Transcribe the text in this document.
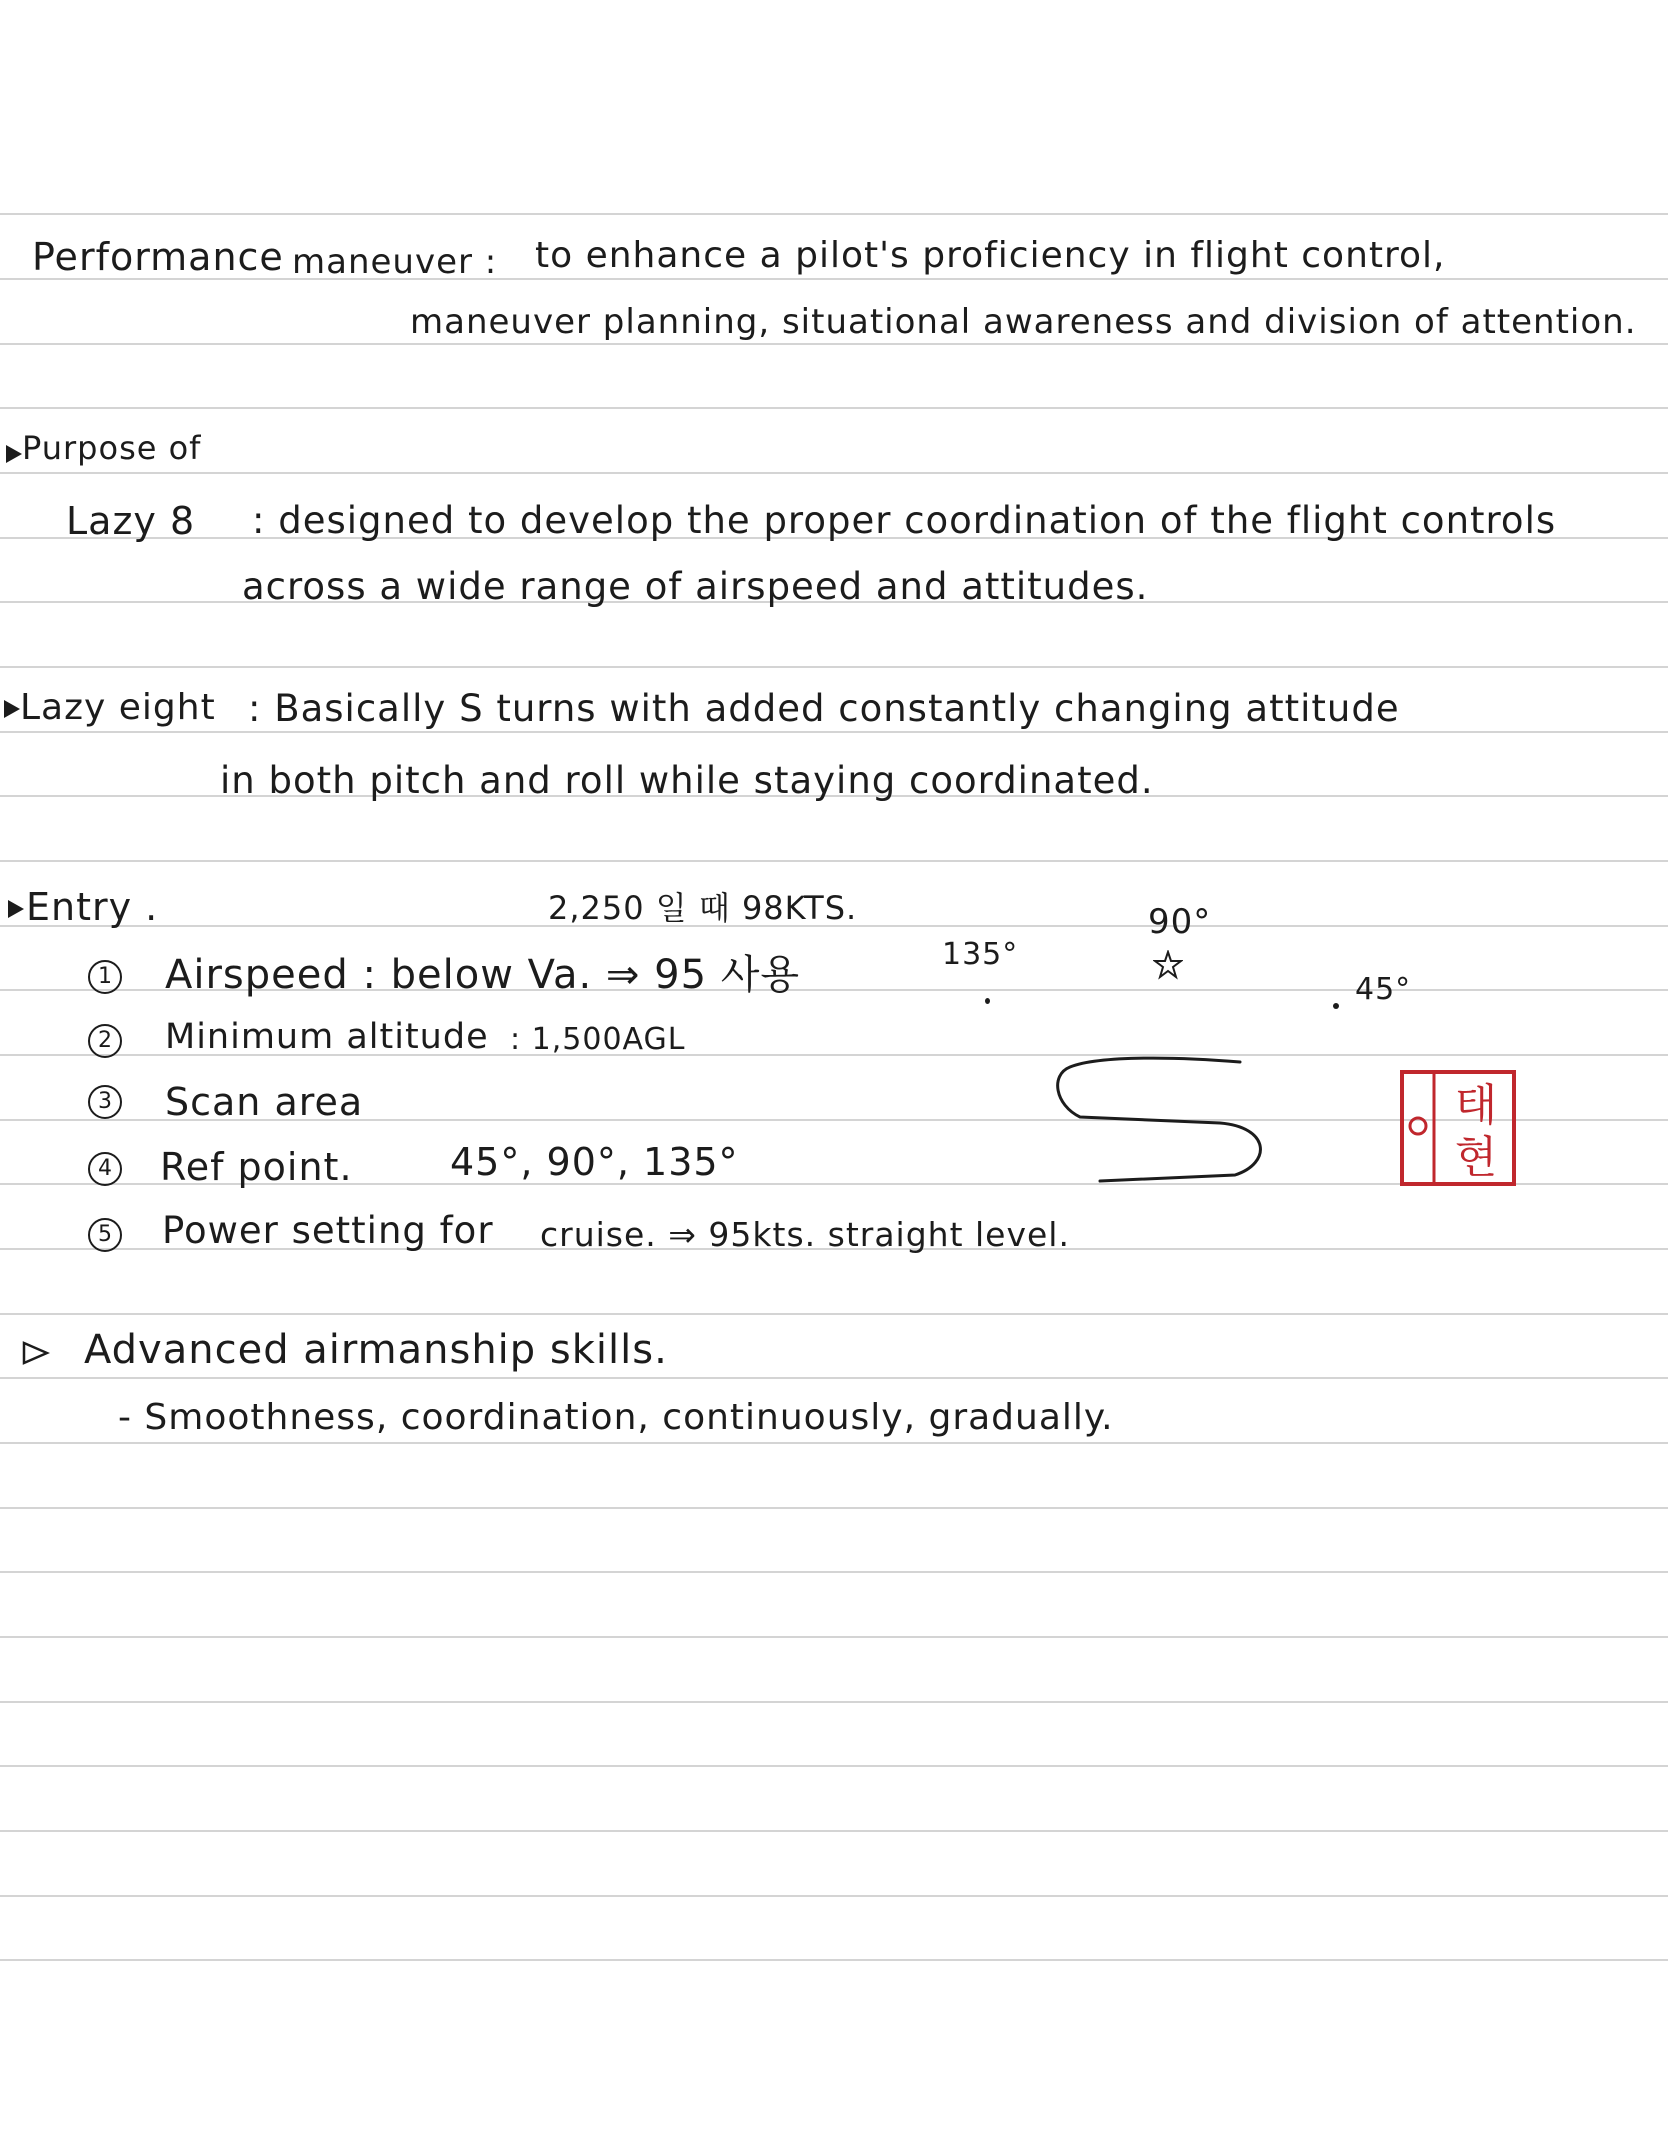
Performance maneuver : to enhance a pilot's proficiency in flight control,
maneuver planning, situational awareness and division of attention.
Purpose of
Lazy 8 : designed to develop the proper coordination of the flight controls
across a wide range of airspeed and attitudes.
Lazy eight : Basically S turns with added constantly changing attitude
in both pitch and roll while staying coordinated.
Entry .	2,250 일 때 98KTS.
1 Airspeed : below Va. ⇒ 95 사용
2 Minimum altitude : 1,500AGL
3 Scan area
4 Ref point.	45°, 90°, 135°
5 Power setting for cruise. ⇒ 95kts. straight level.
135°
90°
45°
태
현
Advanced airmanship skills.
- Smoothness, coordination, continuously, gradually.
